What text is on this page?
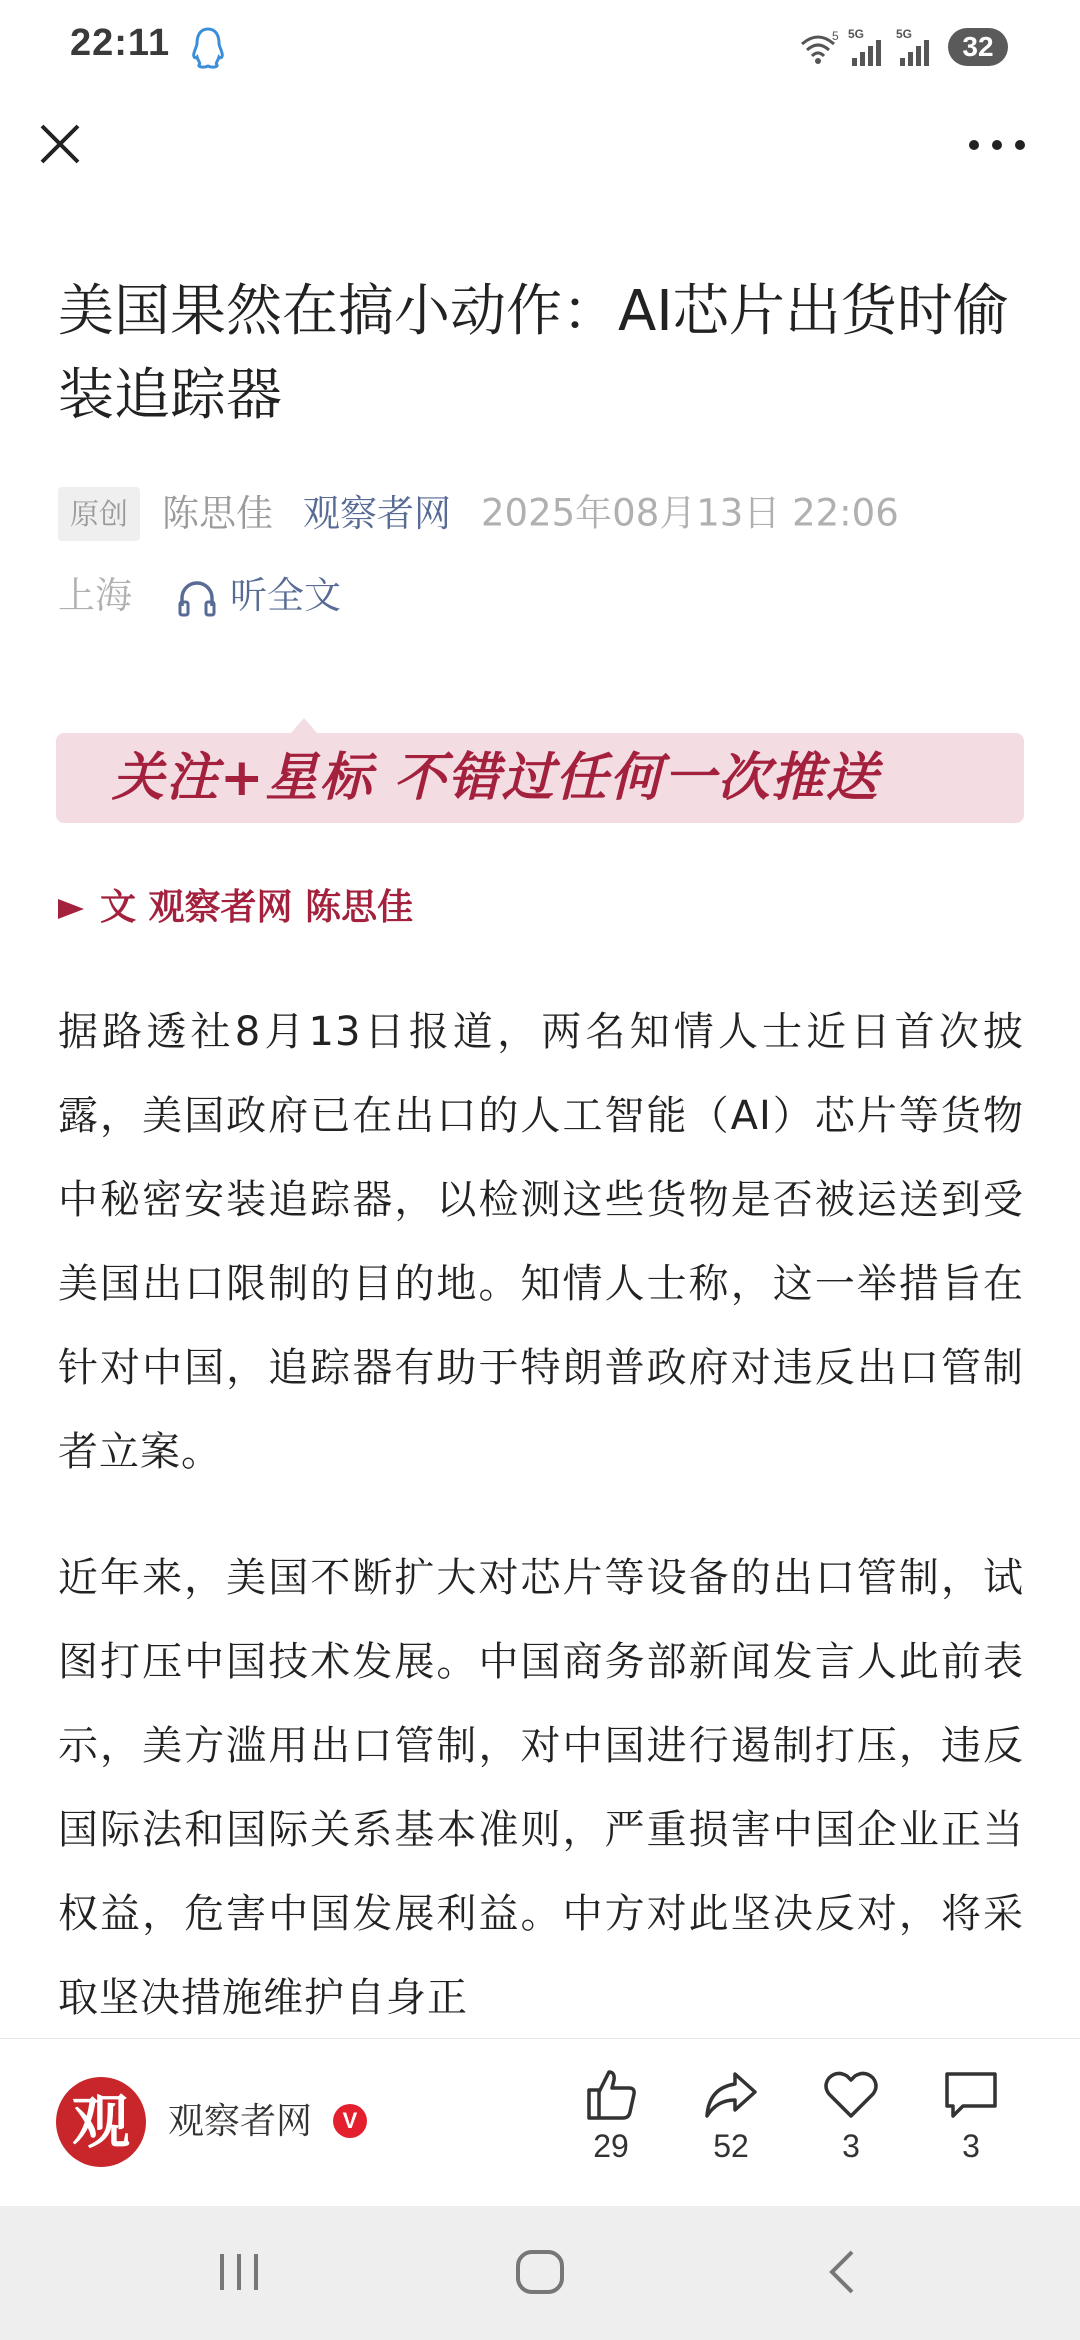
22:11	5 5G	5G	32
美国果然在搞小动作：AI芯片出货时偷装追踪器
原创 陈思佳 观察者网 2025年08月13日 22:06
上海	听全文
关注+星标 不错过任何一次推送
文 观察者网 陈思佳
据路透社8月13日报道，两名知情人士近日首次披露，美国政府已在出口的人工智能（AI）芯片等货物中秘密安装追踪器，以检测这些货物是否被运送到受美国出口限制的目的地。知情人士称，这一举措旨在针对中国，追踪器有助于特朗普政府对违反出口管制者立案。
近年来，美国不断扩大对芯片等设备的出口管制，试图打压中国技术发展。中国商务部新闻发言人此前表示，美方滥用出口管制，对中国进行遏制打压，违反国际法和国际关系基本准则，严重损害中国企业正当权益，危害中国发展利益。中方对此坚决反对，将采取坚决措施维护自身正
观	观察者网	V
29	52	3	3
